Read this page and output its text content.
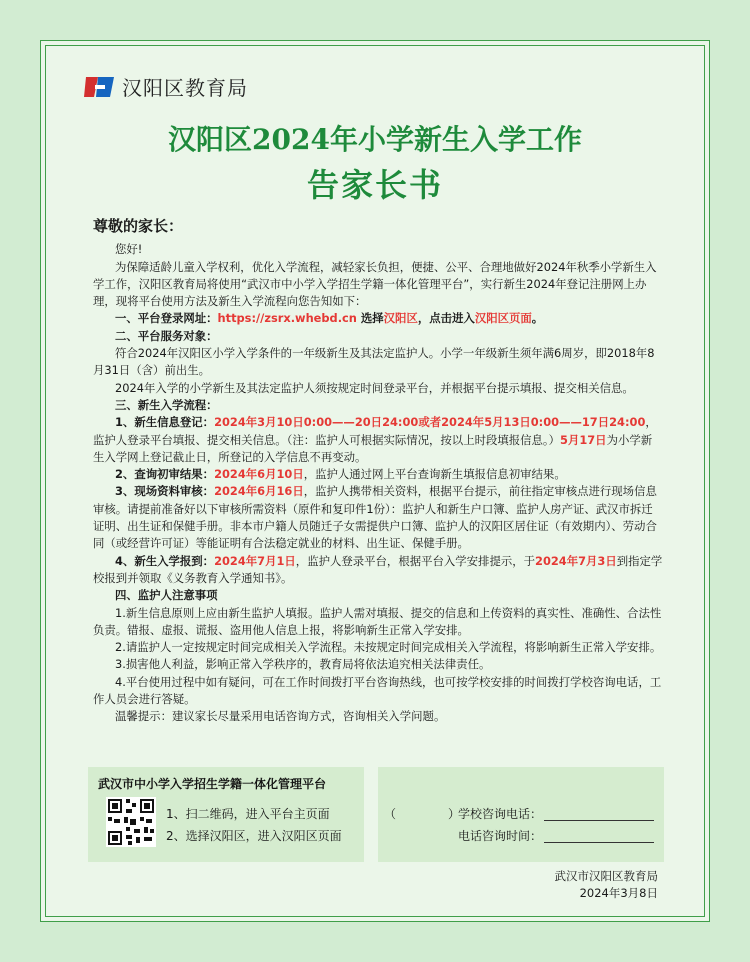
汉阳区教育局
汉阳区2024年小学新生入学工作
告家长书
尊敬的家长：

您好!

为保障适龄儿童入学权利，优化入学流程，减轻家长负担，便捷、公平、合理地做好2024年秋季小学新生入学工作，汉阳区教育局将使用“武汉市中小学入学招生学籍一体化管理平台”，实行新生2024年登记注册网上办理，现将平台使用方法及新生入学流程向您告知如下：

一、平台登录网址：https://zsrx.whebd.cn 选择汉阳区，点击进入汉阳区页面。

二、平台服务对象：

符合2024年汉阳区小学入学条件的一年级新生及其法定监护人。小学一年级新生须年满6周岁，即2018年8月31日（含）前出生。

2024年入学的小学新生及其法定监护人须按规定时间登录平台，并根据平台提示填报、提交相关信息。

三、新生入学流程：

1、新生信息登记：2024年3月10日0:00——20日24:00或者2024年5月13日0:00——17日24:00，监护人登录平台填报、提交相关信息。（注：监护人可根据实际情况，按以上时段填报信息。）5月17日为小学新生入学网上登记截止日，所登记的入学信息不再变动。

2、查询初审结果：2024年6月10日，监护人通过网上平台查询新生填报信息初审结果。

3、现场资料审核：2024年6月16日，监护人携带相关资料，根据平台提示，前往指定审核点进行现场信息审核。请提前准备好以下审核所需资料（原件和复印件1份）：监护人和新生户口簿、监护人房产证、武汉市拆迁证明、出生证和保健手册。非本市户籍人员随迁子女需提供户口簿、监护人的汉阳区居住证（有效期内）、劳动合同（或经营许可证）等能证明有合法稳定就业的材料、出生证、保健手册。

4、新生入学报到：2024年7月1日，监护人登录平台，根据平台入学安排提示，于2024年7月3日到指定学校报到并领取《义务教育入学通知书》。

四、监护人注意事项

1.新生信息原则上应由新生监护人填报。监护人需对填报、提交的信息和上传资料的真实性、准确性、合法性负责。错报、虚报、谎报、盗用他人信息上报，将影响新生正常入学安排。

2.请监护人一定按规定时间完成相关入学流程。未按规定时间完成相关入学流程，将影响新生正常入学安排。

3.损害他人利益，影响正常入学秩序的，教育局将依法追究相关法律责任。

4.平台使用过程中如有疑问，可在工作时间拨打平台咨询热线，也可按学校安排的时间拨打学校咨询电话，工作人员会进行答疑。

温馨提示：建议家长尽量采用电话咨询方式，咨询相关入学问题。

武汉市中小学入学招生学籍一体化管理平台
1、扫二维码，进入平台主页面
2、选择汉阳区，进入汉阳区页面
（	）
学校咨询电话：
电话咨询时间：
武汉市汉阳区教育局
2024年3月8日
